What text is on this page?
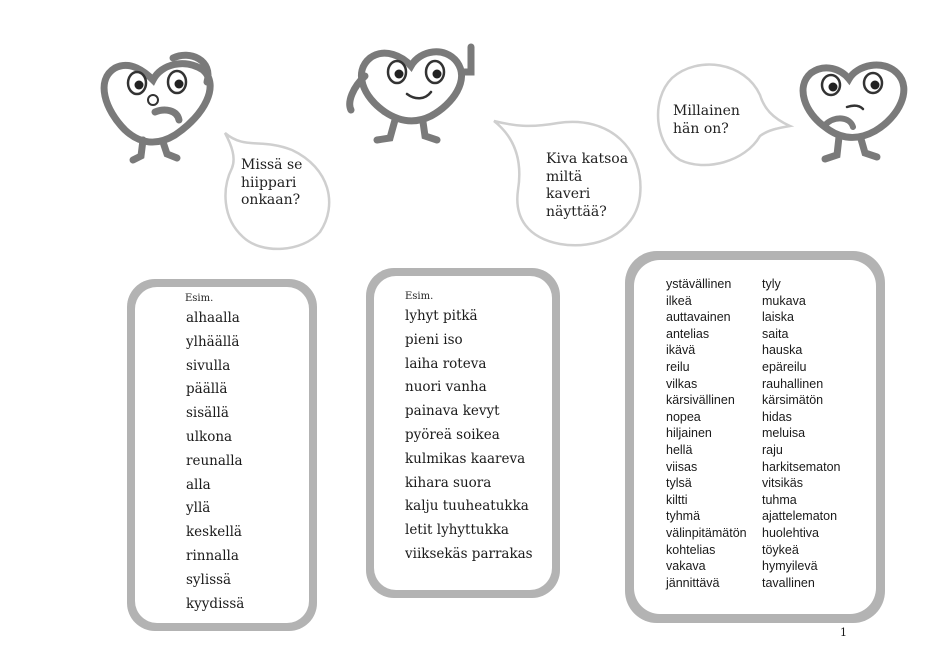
Missä se
hiippari
onkaan?
Kiva katsoa
miltä
kaveri
näyttää?
Millainen
hän on?
Esim.
alhaalla
ylhäällä
sivulla
päällä
sisällä
ulkona
reunalla
alla
yllä
keskellä
rinnalla
sylissä
kyydissä
Esim.
lyhyt pitkä
pieni iso
laiha roteva
nuori vanha
painava kevyt
pyöreä soikea
kulmikas kaareva
kihara suora
kalju tuuheatukka
letit lyhyttukka
viiksekäs parrakas
ystävällinen
ilkeä
auttavainen
antelias
ikävä
reilu
vilkas
kärsivällinen
nopea
hiljainen
hellä
viisas
tylsä
kiltti
tyhmä
välinpitämätön
kohtelias
vakava
jännittävä
tyly
mukava
laiska
saita
hauska
epäreilu
rauhallinen
kärsimätön
hidas
meluisa
raju
harkitsematon
vitsikäs
tuhma
ajattelematon
huolehtiva
töykeä
hymyilevä
tavallinen
1
